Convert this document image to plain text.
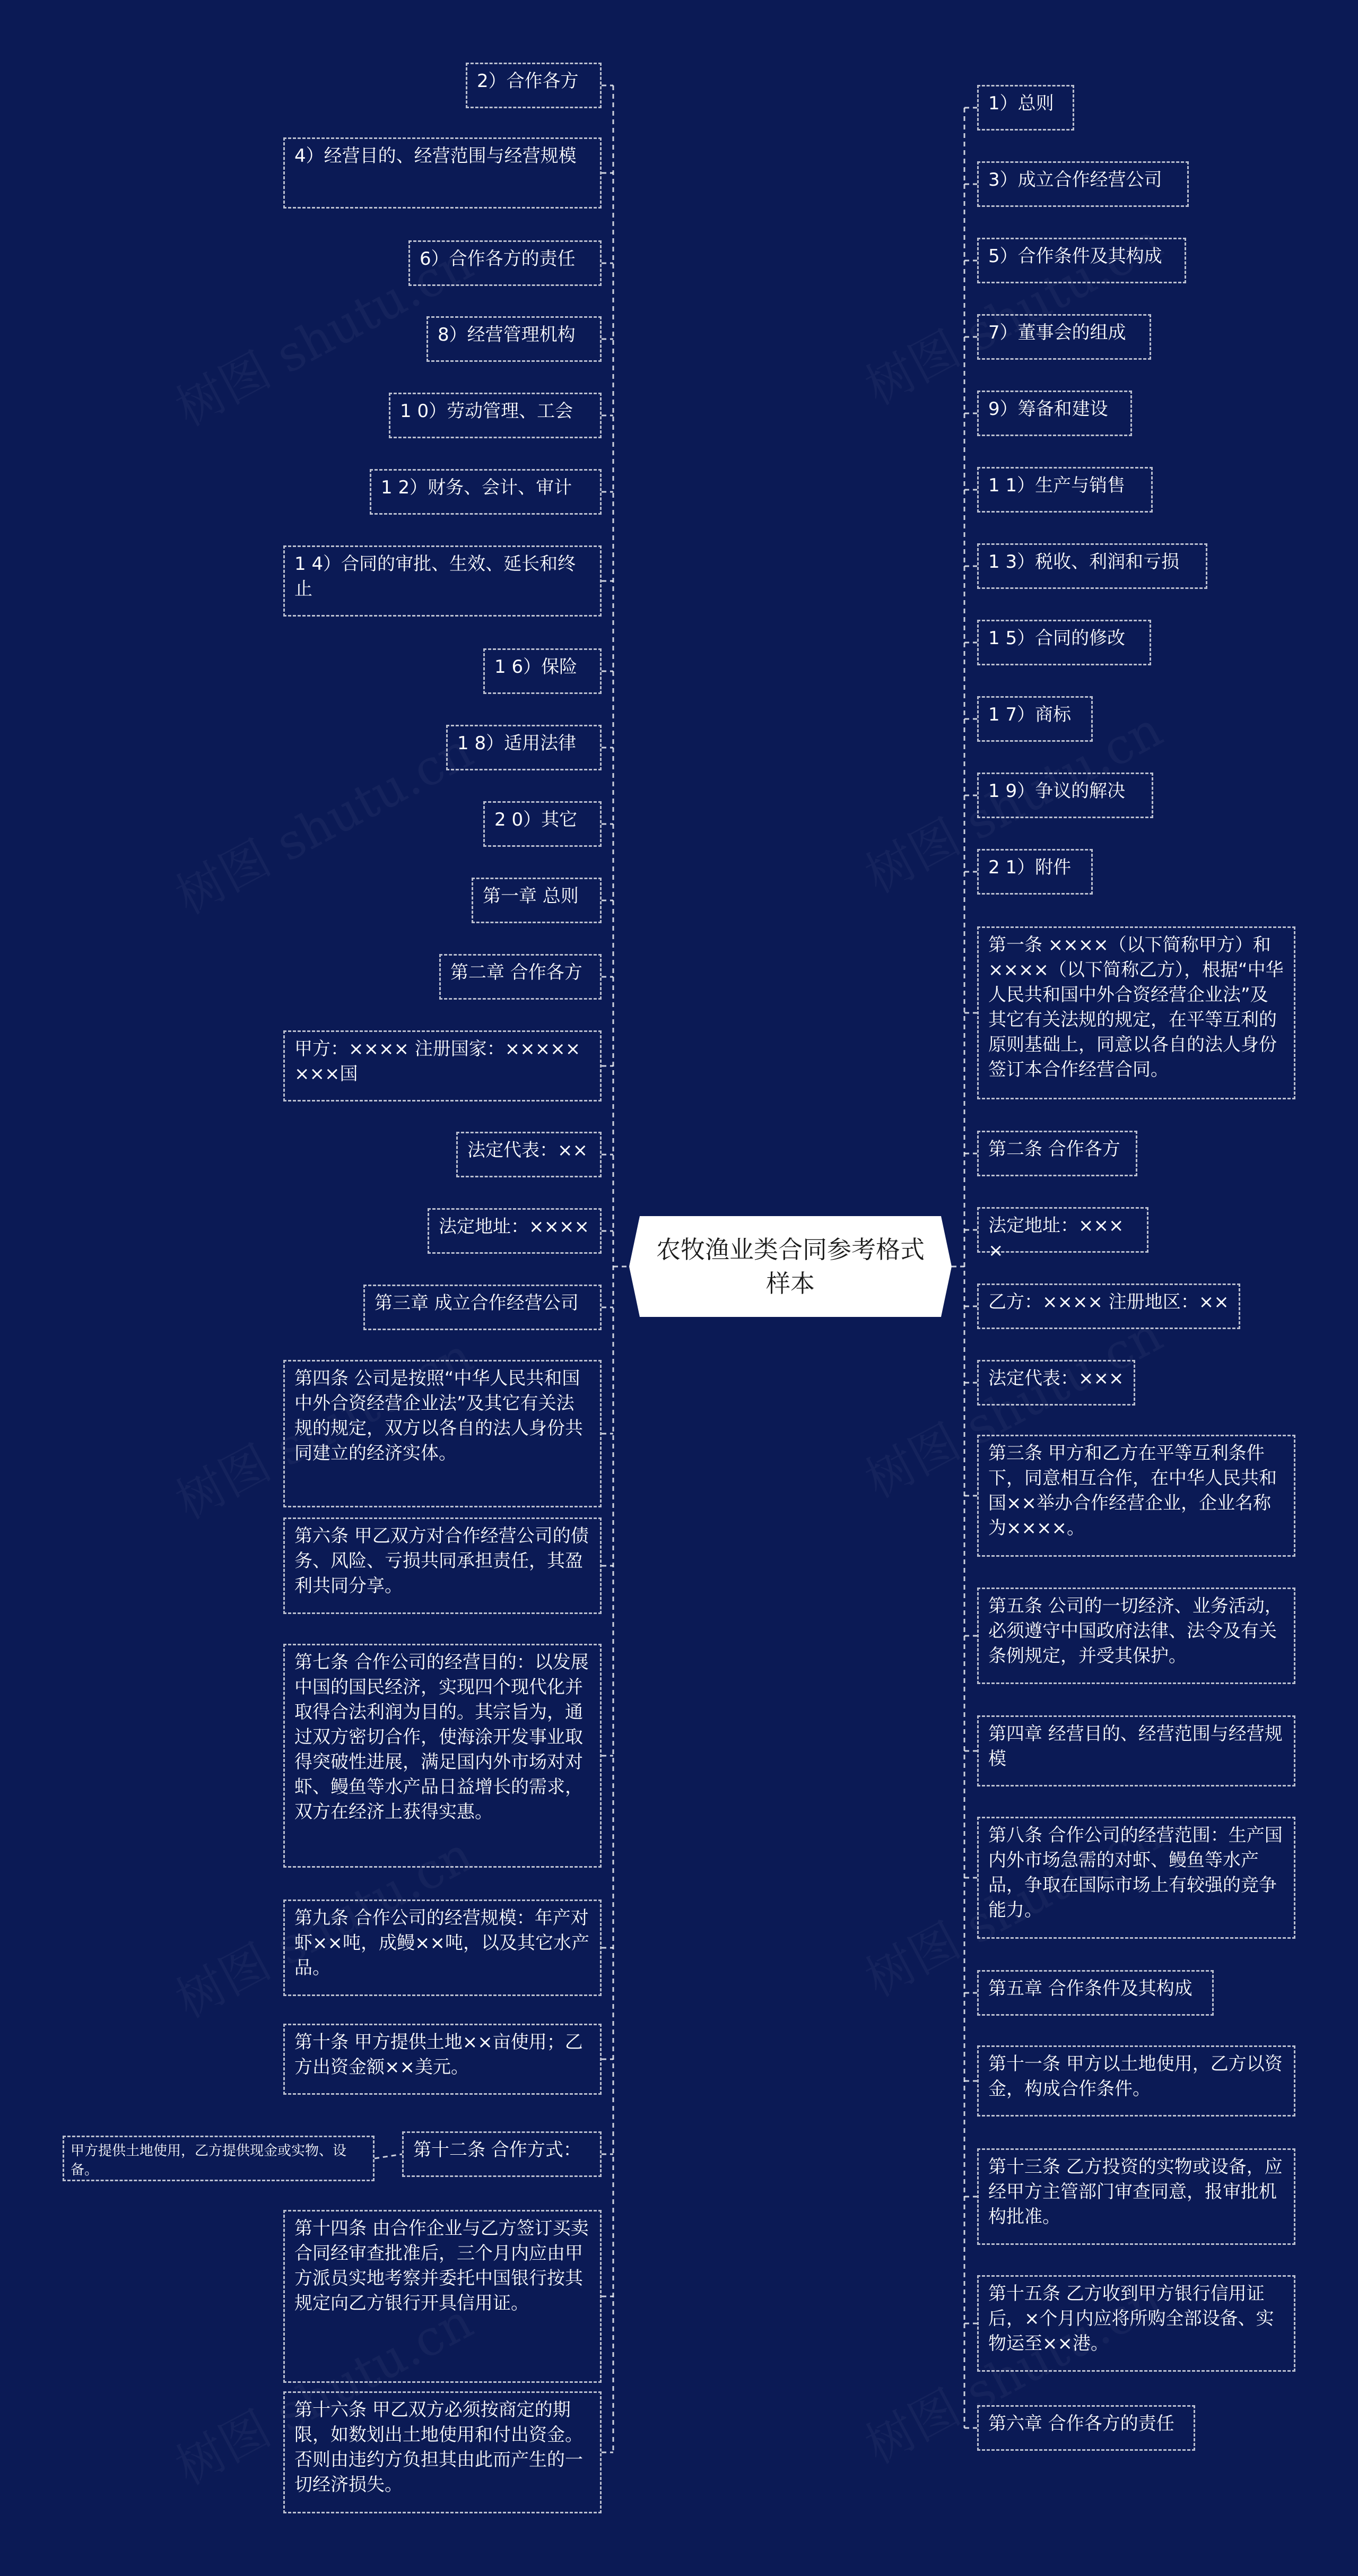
农牧渔业类合同参考格式样本
2）合作各方
4）经营目的、经营范围与经营规模
6）合作各方的责任
8）经营管理机构
1 0）劳动管理、工会
1 2）财务、会计、审计
1 4）合同的审批、生效、延长和终止
1 6）保险
1 8）适用法律
2 0）其它
第一章 总则
第二章 合作各方
甲方：×××× 注册国家：××××××××国
法定代表：××
法定地址：××××
第三章 成立合作经营公司
第四条 公司是按照“中华人民共和国中外合资经营企业法”及其它有关法规的规定，双方以各自的法人身份共同建立的经济实体。
第六条 甲乙双方对合作经营公司的债务、风险、亏损共同承担责任，其盈利共同分享。
第七条 合作公司的经营目的：以发展中国的国民经济，实现四个现代化并取得合法利润为目的。其宗旨为，通过双方密切合作，使海涂开发事业取得突破性进展，满足国内外市场对对虾、鳗鱼等水产品日益增长的需求，双方在经济上获得实惠。
第九条 合作公司的经营规模：年产对虾××吨，成鳗××吨，以及其它水产品。
第十条 甲方提供土地××亩使用；乙方出资金额××美元。
第十二条 合作方式：
第十四条 由合作企业与乙方签订买卖合同经审查批准后，三个月内应由甲方派员实地考察并委托中国银行按其规定向乙方银行开具信用证。
第十六条 甲乙双方必须按商定的期限，如数划出土地使用和付出资金。否则由违约方负担其由此而产生的一切经济损失。
甲方提供土地使用，乙方提供现金或实物、设备。
1）总则
3）成立合作经营公司
5）合作条件及其构成
7）董事会的组成
9）筹备和建设
1 1）生产与销售
1 3）税收、利润和亏损
1 5）合同的修改
1 7）商标
1 9）争议的解决
2 1）附件
第一条 ××××（以下简称甲方）和××××（以下简称乙方），根据“中华人民共和国中外合资经营企业法”及其它有关法规的规定，在平等互利的原则基础上，同意以各自的法人身份签订本合作经营合同。
第二条 合作各方
法定地址：××××
乙方：×××× 注册地区：××
法定代表：×××
第三条 甲方和乙方在平等互利条件下，同意相互合作，在中华人民共和国××举办合作经营企业，企业名称为××××。
第五条 公司的一切经济、业务活动，必须遵守中国政府法律、法令及有关条例规定，并受其保护。
第四章 经营目的、经营范围与经营规模
第八条 合作公司的经营范围：生产国内外市场急需的对虾、鳗鱼等水产品，争取在国际市场上有较强的竞争能力。
第五章 合作条件及其构成
第十一条 甲方以土地使用，乙方以资金，构成合作条件。
第十三条 乙方投资的实物或设备，应经甲方主管部门审查同意，报审批机构批准。
第十五条 乙方收到甲方银行信用证后，×个月内应将所购全部设备、实物运至××港。
第六章 合作各方的责任
